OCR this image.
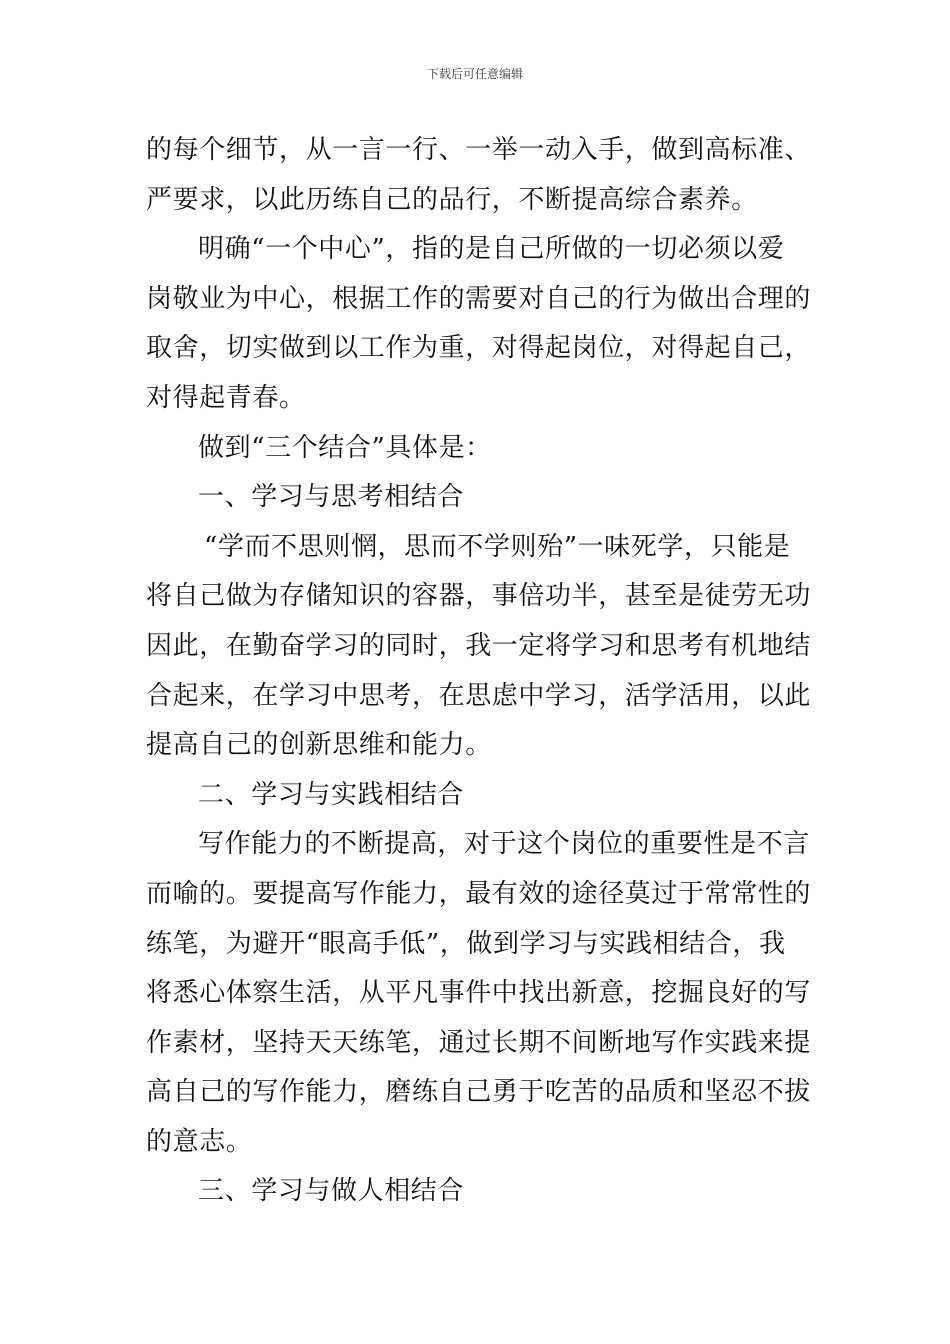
下载后可任意编辑
的每个细节，从一言一行、一举一动入手，做到高标准、
严要求，以此历练自己的品行，不断提高综合素养。
明确“一个中心”，指的是自己所做的一切必须以爱
岗敬业为中心，根据工作的需要对自己的行为做出合理的
取舍，切实做到以工作为重，对得起岗位，对得起自己，
对得起青春。
做到“三个结合”具体是：
一、学习与思考相结合
“学而不思则惘，思而不学则殆”一味死学，只能是
将自己做为存储知识的容器，事倍功半，甚至是徒劳无功
因此，在勤奋学习的同时，我一定将学习和思考有机地结
合起来，在学习中思考，在思虑中学习，活学活用，以此
提高自己的创新思维和能力。
二、学习与实践相结合
写作能力的不断提高，对于这个岗位的重要性是不言
而喻的。要提高写作能力，最有效的途径莫过于常常性的
练笔，为避开“眼高手低”，做到学习与实践相结合，我
将悉心体察生活，从平凡事件中找出新意，挖掘良好的写
作素材，坚持天天练笔，通过长期不间断地写作实践来提
高自己的写作能力，磨练自己勇于吃苦的品质和坚忍不拔
的意志。
三、学习与做人相结合
